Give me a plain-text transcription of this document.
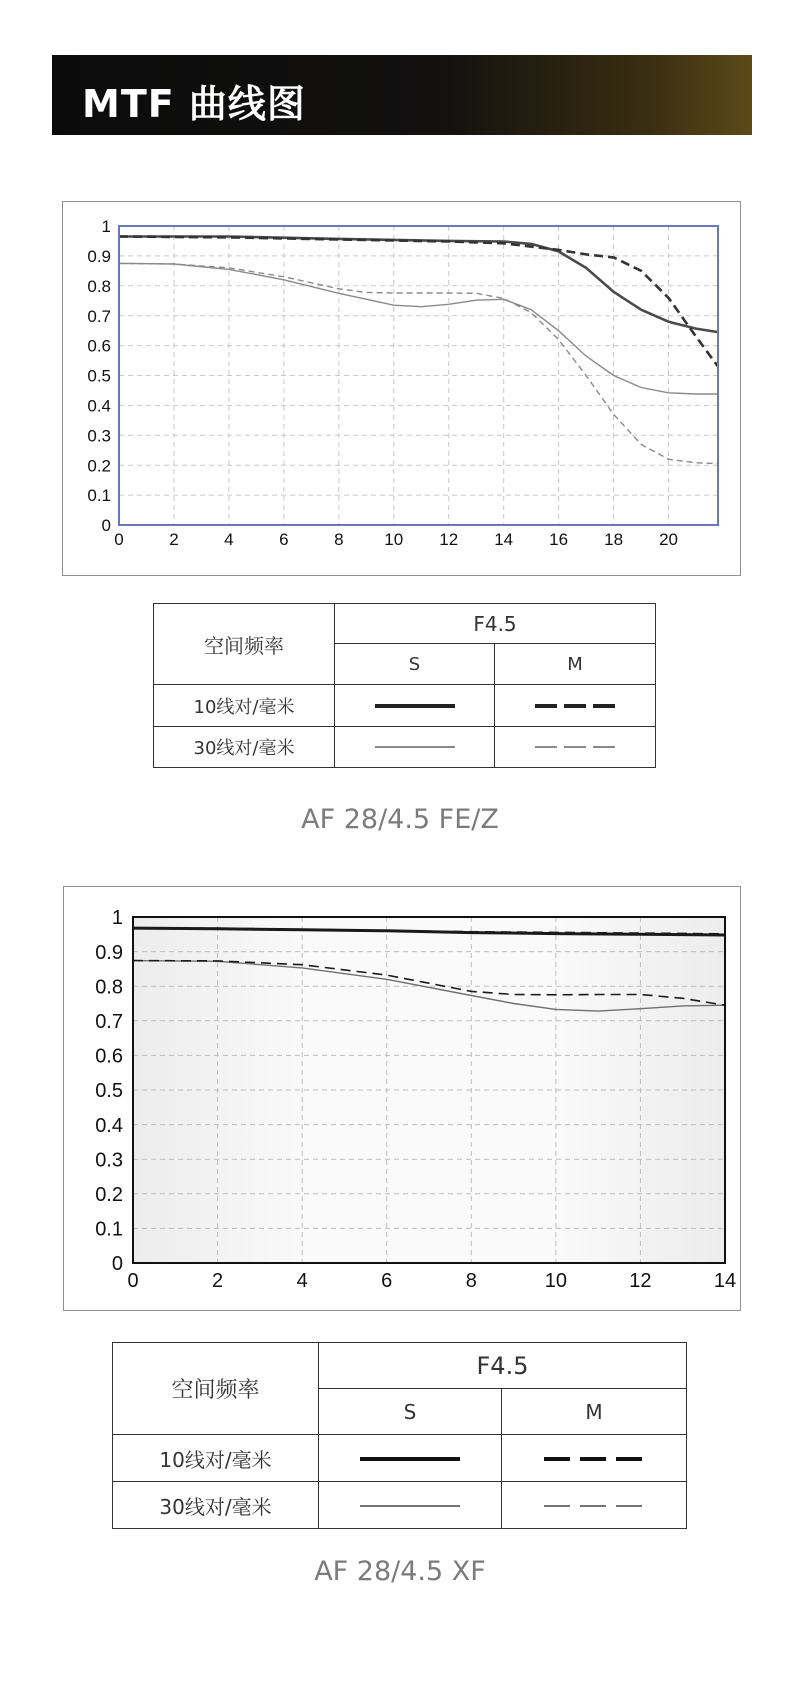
MTF 曲线图
0
0.1
0.2
0.3
0.4
0.5
0.6
0.7
0.8
0.9
1
0	2	4	6	8 10 12 14 16 18 20
空间频率	F4.5	
	S	M
10线对/毫米		
30线对/毫米		
AF 28/4.5 FE/Z
0
0.1
0.2
0.3
0.4
0.5
0.6
0.7
0.8
0.9
1
0	2	4	6	8	10	12	14
空间频率	F4.5	
	S	M
10线对/毫米		
30线对/毫米		
AF 28/4.5 XF
